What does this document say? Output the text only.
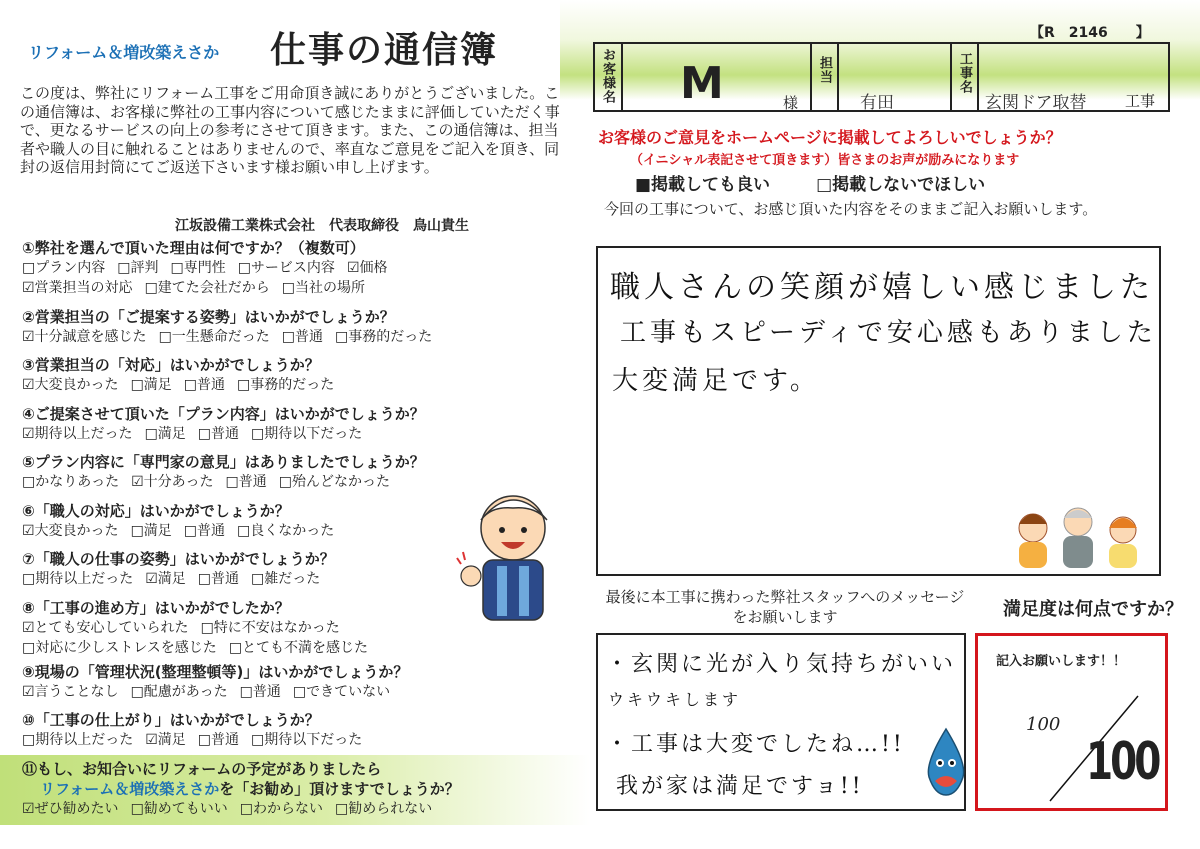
リフォーム＆増改築えさか 仕事の通信簿
この度は、弊社にリフォーム工事をご用命頂き誠にありがとうございました。この通信簿は、お客様に弊社の工事内容について感じたままに評価していただく事で、更なるサービスの向上の参考にさせて頂きます。また、この通信簿は、担当者や職人の目に触れることはありませんので、率直なご意見をご記入を頂き、同封の返信用封筒にてご返送下さいます様お願い申し上げます。
江坂設備工業株式会社　代表取締役　鳥山貴生
①弊社を選んで頂いた理由は何ですか？（複数可）
□プラン内容 □評判 □専門性 □サービス内容 ☑価格
☑営業担当の対応 □建てた会社だから □当社の場所
②営業担当の「ご提案する姿勢」はいかがでしょうか？
☑十分誠意を感じた □一生懸命だった □普通 □事務的だった
③営業担当の「対応」はいかがでしょうか？
☑大変良かった □満足 □普通 □事務的だった
④ご提案させて頂いた「プラン内容」はいかがでしょうか？
☑期待以上だった □満足 □普通 □期待以下だった
⑤プラン内容に「専門家の意見」はありましたでしょうか？
□かなりあった ☑十分あった □普通 □殆んどなかった
⑥「職人の対応」はいかがでしょうか？
☑大変良かった □満足 □普通 □良くなかった
⑦「職人の仕事の姿勢」はいかがでしょうか？
□期待以上だった ☑満足 □普通 □雑だった
⑧「工事の進め方」はいかがでしたか？
☑とても安心していられた □特に不安はなかった
□対応に少しストレスを感じた □とても不満を感じた
⑨現場の「管理状況(整理整頓等)」はいかがでしょうか？
☑言うことなし □配慮があった □普通 □できていない
⑩「工事の仕上がり」はいかがでしょうか？
□期待以上だった ☑満足 □普通 □期待以下だった
⑪もし、お知合いにリフォームの予定がありましたら
リフォーム＆増改築えさかを「お勧め」頂けますでしょうか？
☑ぜひ勧めたい □勧めてもいい □わからない □勧められない
【R　2146　　】
お客様名 M	様
担当
有田
工事名
玄関ドア取替	工事
お客様のご意見をホームページに掲載してよろしいでしょうか？
（イニシャル表記させて頂きます）皆さまのお声が励みになります
■掲載しても良い	□掲載しないでほしい
今回の工事について、お感じ頂いた内容をそのままご記入お願いします。
職人さんの笑顔が嬉しい感じました
工事もスピーディで安心感もありました
大変満足です。
最後に本工事に携わった弊社スタッフへのメッセージをお願いします
・玄関に光が入り気持ちがいい
ウキウキします
・工事は大変でしたね…!!
我が家は満足ですョ!!
満足度は何点ですか？
記入お願いします！！
100
100
